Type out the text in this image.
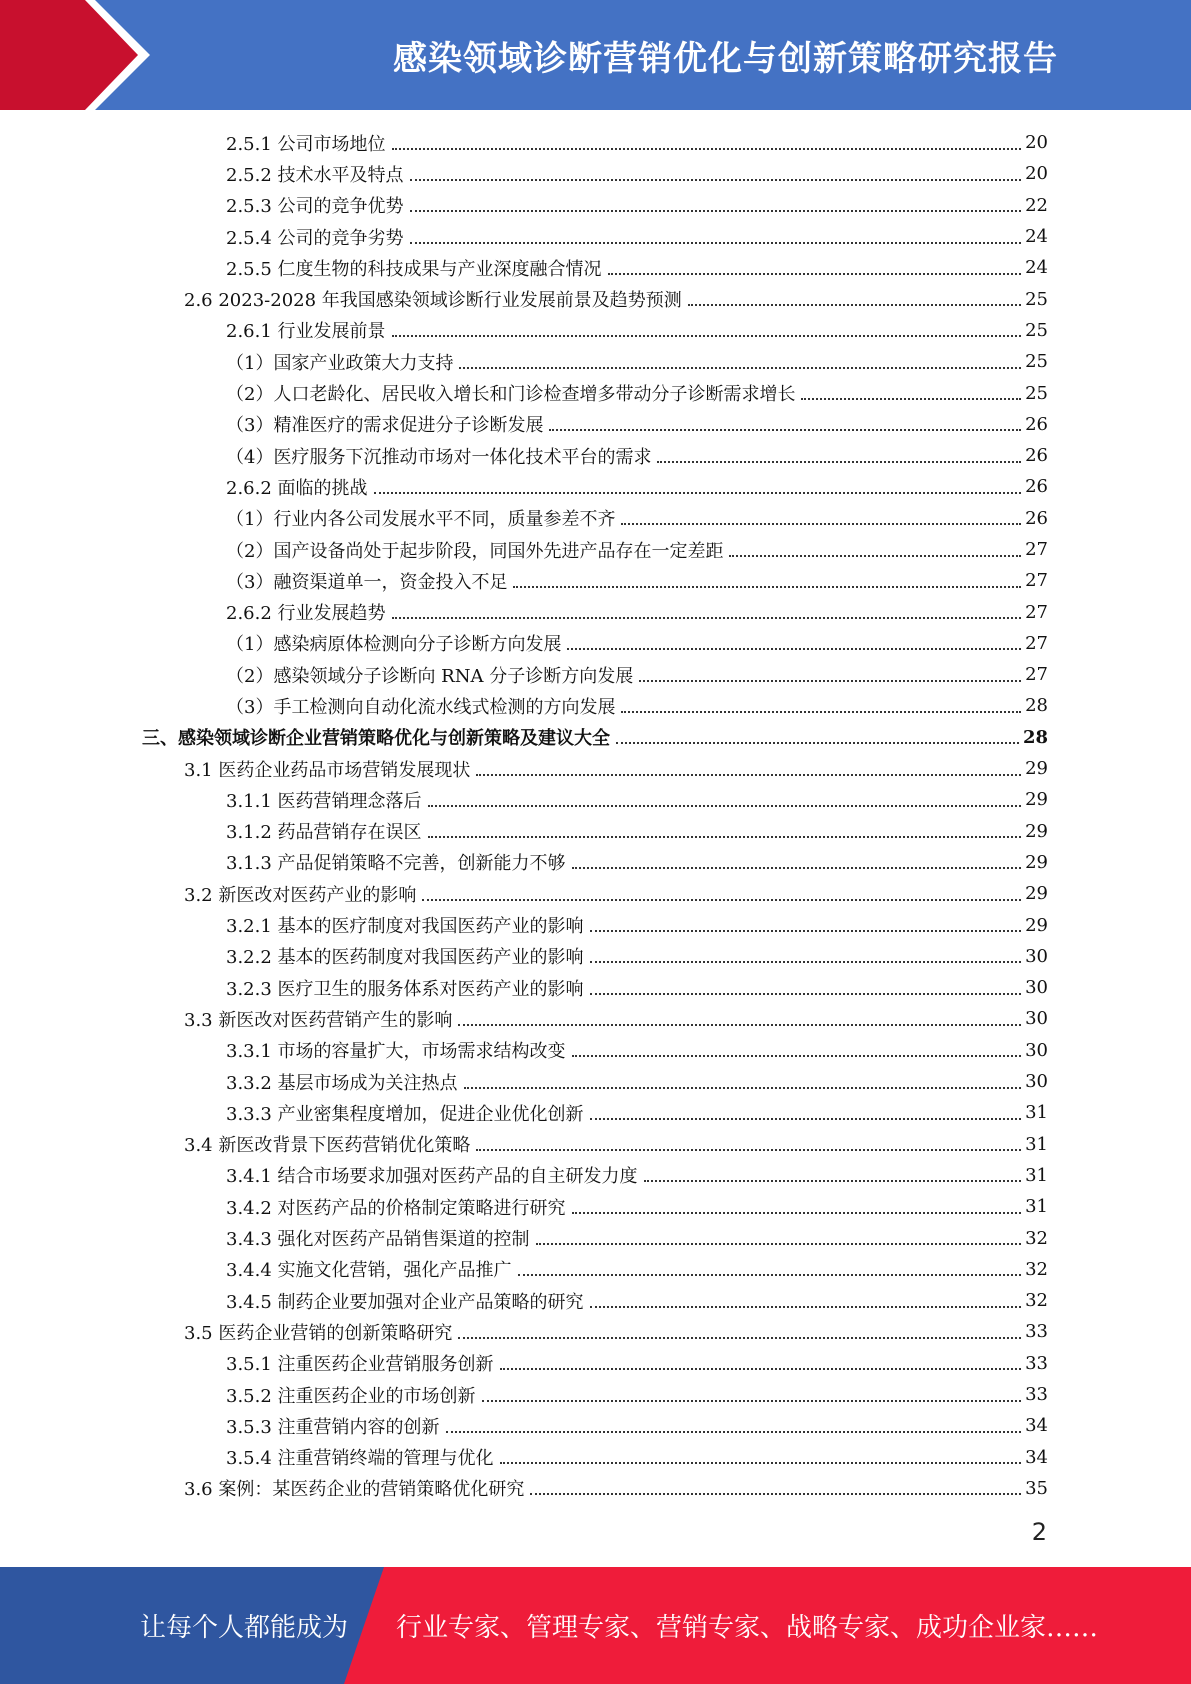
感染领域诊断营销优化与创新策略研究报告
2.5.1 公司市场地位	20
2.5.2 技术水平及特点	20
2.5.3 公司的竞争优势	22
2.5.4 公司的竞争劣势	24
2.5.5 仁度生物的科技成果与产业深度融合情况	24
2.6 2023-2028 年我国感染领域诊断行业发展前景及趋势预测	25
2.6.1 行业发展前景	25
（1）国家产业政策大力支持	25
（2）人口老龄化、居民收入增长和门诊检查增多带动分子诊断需求增长	25
（3）精准医疗的需求促进分子诊断发展	26
（4）医疗服务下沉推动市场对一体化技术平台的需求	26
2.6.2 面临的挑战	26
（1）行业内各公司发展水平不同，质量参差不齐	26
（2）国产设备尚处于起步阶段，同国外先进产品存在一定差距	27
（3）融资渠道单一，资金投入不足	27
2.6.2 行业发展趋势	27
（1）感染病原体检测向分子诊断方向发展	27
（2）感染领域分子诊断向 RNA 分子诊断方向发展	27
（3）手工检测向自动化流水线式检测的方向发展	28
三、感染领域诊断企业营销策略优化与创新策略及建议大全	28
3.1 医药企业药品市场营销发展现状	29
3.1.1 医药营销理念落后	29
3.1.2 药品营销存在误区	29
3.1.3 产品促销策略不完善，创新能力不够	29
3.2 新医改对医药产业的影响	29
3.2.1 基本的医疗制度对我国医药产业的影响	29
3.2.2 基本的医药制度对我国医药产业的影响	30
3.2.3 医疗卫生的服务体系对医药产业的影响	30
3.3 新医改对医药营销产生的影响	30
3.3.1 市场的容量扩大，市场需求结构改变	30
3.3.2 基层市场成为关注热点	30
3.3.3 产业密集程度增加，促进企业优化创新	31
3.4 新医改背景下医药营销优化策略	31
3.4.1 结合市场要求加强对医药产品的自主研发力度	31
3.4.2 对医药产品的价格制定策略进行研究	31
3.4.3 强化对医药产品销售渠道的控制	32
3.4.4 实施文化营销，强化产品推广	32
3.4.5 制药企业要加强对企业产品策略的研究	32
3.5 医药企业营销的创新策略研究	33
3.5.1 注重医药企业营销服务创新	33
3.5.2 注重医药企业的市场创新	33
3.5.3 注重营销内容的创新	34
3.5.4 注重营销终端的管理与优化	34
3.6 案例：某医药企业的营销策略优化研究	35
2
让每个人都能成为 行业专家、管理专家、营销专家、战略专家、成功企业家……
